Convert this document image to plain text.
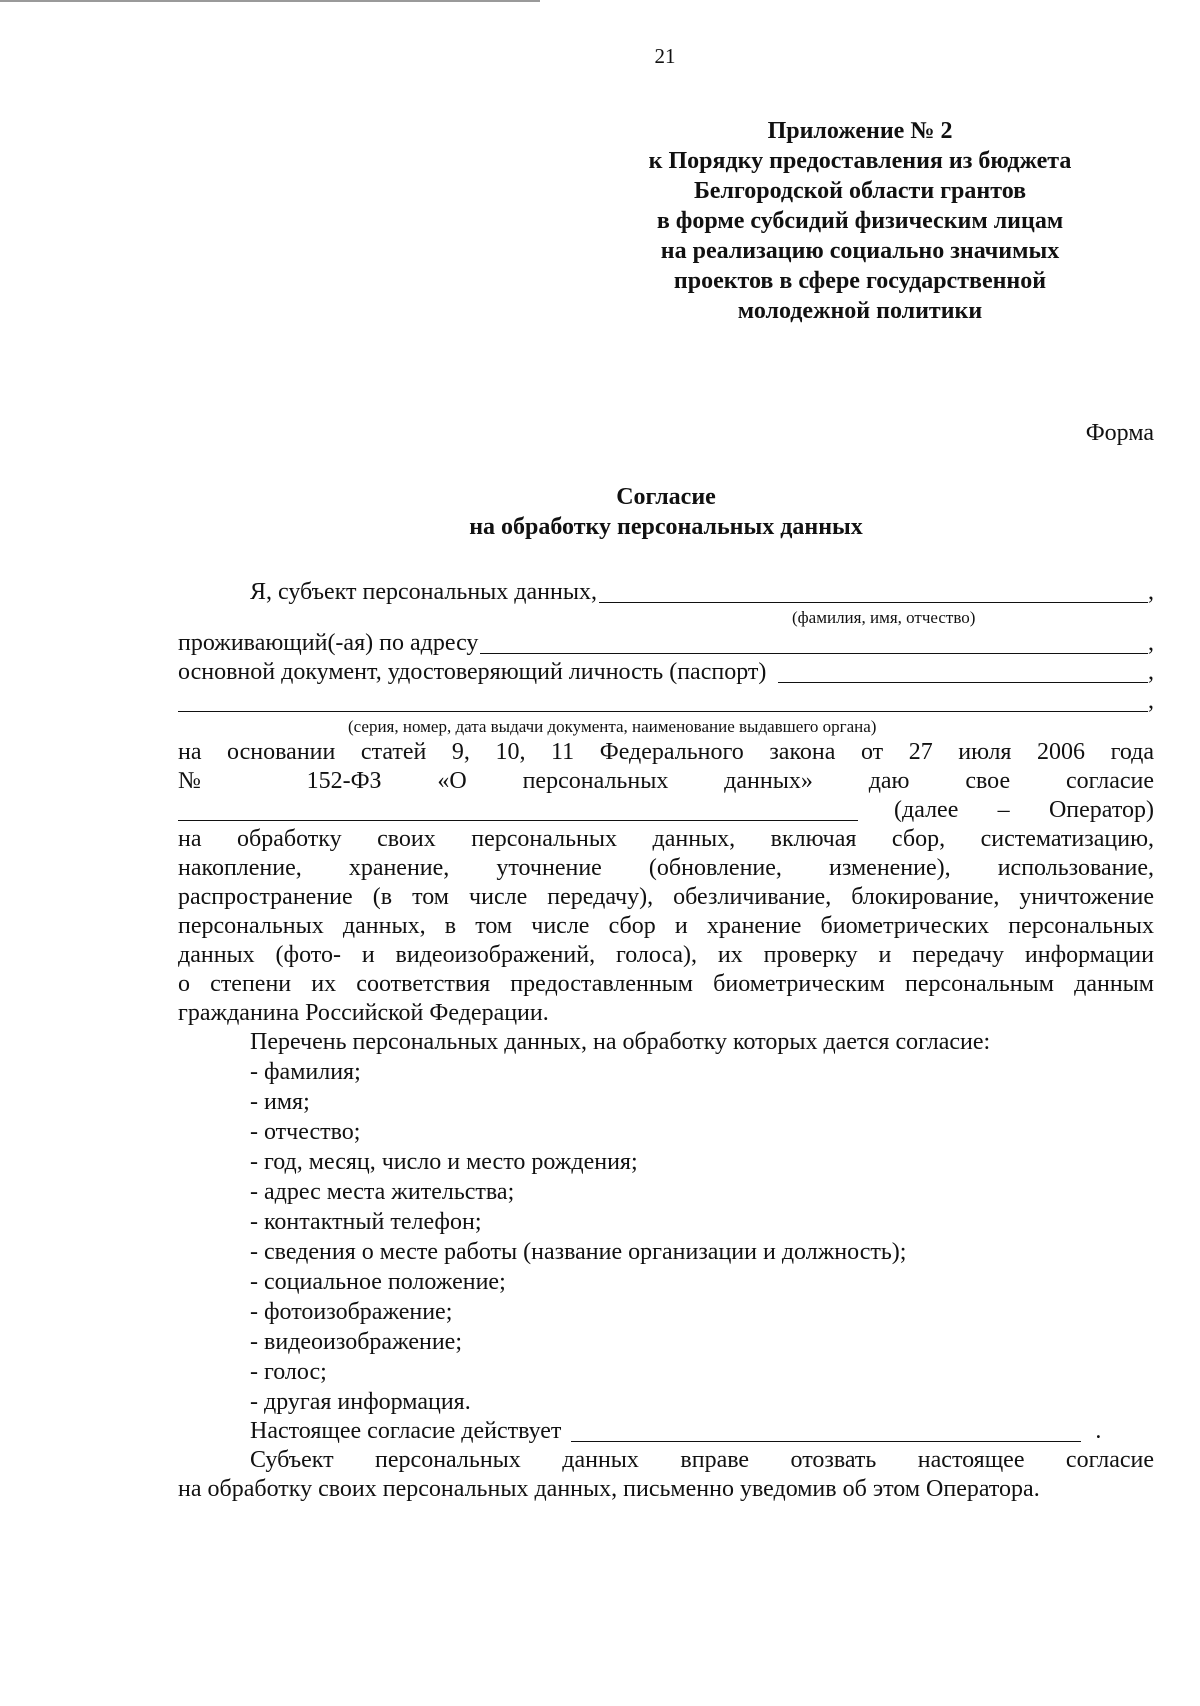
21
Приложение № 2
к Порядку предоставления из бюджета
Белгородской области грантов
в форме субсидий физическим лицам
на реализацию социально значимых
проектов в сфере государственной
молодежной политики
Форма
Согласие
на обработку персональных данных
Я, субъект персональных данных,	,
(фамилия, имя, отчество)
проживающий(-ая) по адресу	,
основной документ, удостоверяющий личность (паспорт)	,
,
(серия, номер, дата выдачи документа, наименование выдавшего органа)
на основании статей 9, 10, 11 Федерального закона от 27 июля 2006 года
№ 152-ФЗ «О персональных данных» даю свое согласие
(далее – Оператор)
на обработку своих персональных данных, включая сбор, систематизацию,
накопление, хранение, уточнение (обновление, изменение), использование,
распространение (в том числе передачу), обезличивание, блокирование, уничтожение
персональных данных, в том числе сбор и хранение биометрических персональных
данных (фото- и видеоизображений, голоса), их проверку и передачу информации
о степени их соответствия предоставленным биометрическим персональным данным
гражданина Российской Федерации.
Перечень персональных данных, на обработку которых дается согласие:
- фамилия;
- имя;
- отчество;
- год, месяц, число и место рождения;
- адрес места жительства;
- контактный телефон;
- сведения о месте работы (название организации и должность);
- социальное положение;
- фотоизображение;
- видеоизображение;
- голос;
- другая информация.
Настоящее согласие действует	.
Субъект персональных данных вправе отозвать настоящее согласие
на обработку своих персональных данных, письменно уведомив об этом Оператора.
